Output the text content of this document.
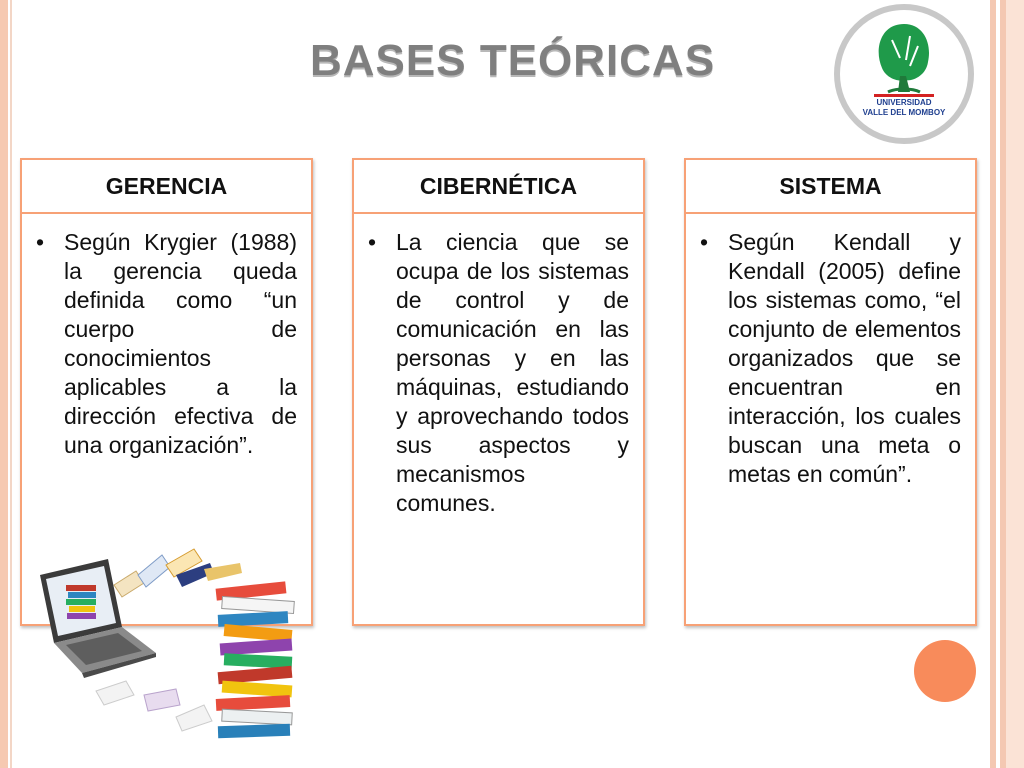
BASES TEÓRICAS
UNIVERSIDAD
VALLE DEL MOMBOY
GERENCIA
• Según Krygier (1988) la gerencia queda definida como “un cuerpo de conocimientos aplicables a la dirección efectiva de una organización”.
CIBERNÉTICA
• La ciencia que se ocupa de los sistemas de control y de comunicación en las personas y en las máquinas, estudiando y aprovechando todos sus aspectos y mecanismos comunes.
SISTEMA
• Según Kendall y Kendall (2005) define los sistemas como, “el conjunto de elementos organizados que se encuentran en interacción, los cuales buscan una meta o metas en común”.
